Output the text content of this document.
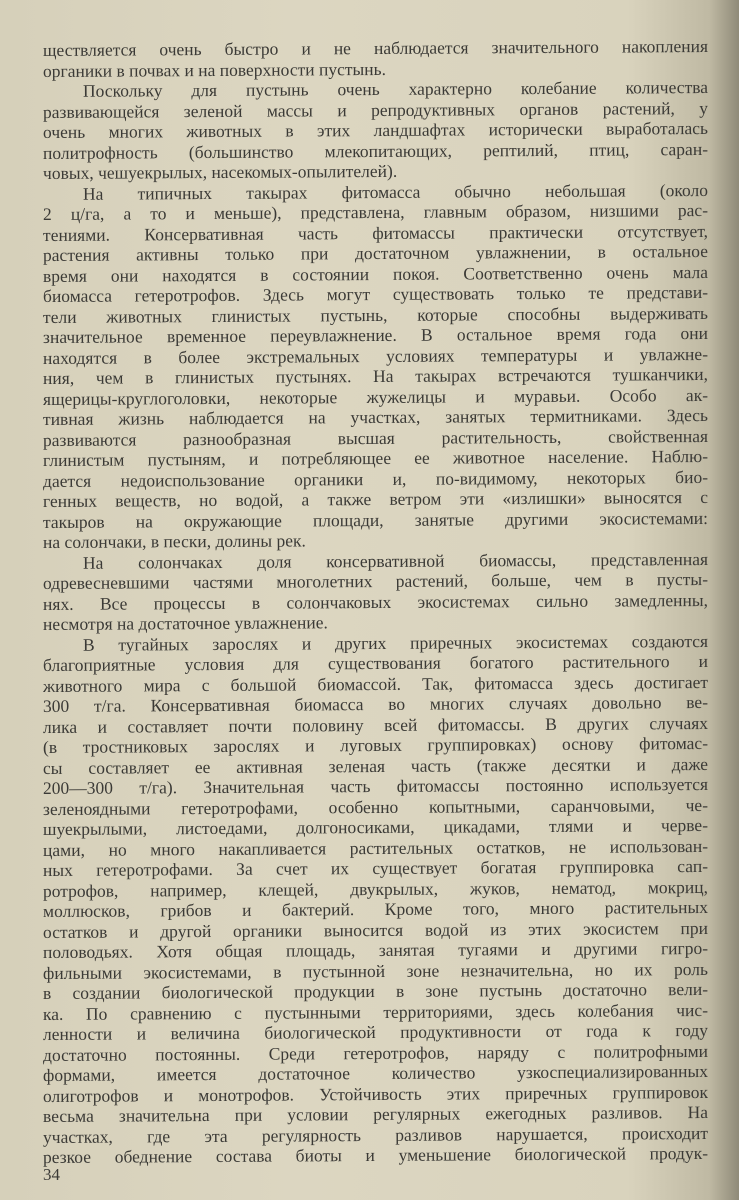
ществляется очень быстро и не наблюдается значительного накопления
органики в почвах и на поверхности пустынь.
Поскольку для пустынь очень характерно колебание количества
развивающейся зеленой массы и репродуктивных органов растений, у
очень многих животных в этих ландшафтах исторически выработалась
политрофность (большинство млекопитающих, рептилий, птиц, саран-
човых, чешуекрылых, насекомых-опылителей).
На типичных такырах фитомасса обычно небольшая (около
2 ц/га, а то и меньше), представлена, главным образом, низшими рас-
тениями. Консервативная часть фитомассы практически отсутствует,
растения активны только при достаточном увлажнении, в остальное
время они находятся в состоянии покоя. Соответственно очень мала
биомасса гетеротрофов. Здесь могут существовать только те представи-
тели животных глинистых пустынь, которые способны выдерживать
значительное временное переувлажнение. В остальное время года они
находятся в более экстремальных условиях температуры и увлажне-
ния, чем в глинистых пустынях. На такырах встречаются тушканчики,
ящерицы-круглоголовки, некоторые жужелицы и муравьи. Особо ак-
тивная жизнь наблюдается на участках, занятых термитниками. Здесь
развиваются разнообразная высшая растительность, свойственная
глинистым пустыням, и потребляющее ее животное население. Наблю-
дается недоиспользование органики и, по-видимому, некоторых био-
генных веществ, но водой, а также ветром эти «излишки» выносятся с
такыров на окружающие площади, занятые другими экосистемами:
на солончаки, в пески, долины рек.
На солончаках доля консервативной биомассы, представленная
одревесневшими частями многолетних растений, больше, чем в пусты-
нях. Все процессы в солончаковых экосистемах сильно замедленны,
несмотря на достаточное увлажнение.
В тугайных зарослях и других приречных экосистемах создаются
благоприятные условия для существования богатого растительного и
животного мира с большой биомассой. Так, фитомасса здесь достигает
300 т/га. Консервативная биомасса во многих случаях довольно ве-
лика и составляет почти половину всей фитомассы. В других случаях
(в тростниковых зарослях и луговых группировках) основу фитомас-
сы составляет ее активная зеленая часть (также десятки и даже
200—300 т/га). Значительная часть фитомассы постоянно используется
зеленоядными гетеротрофами, особенно копытными, саранчовыми, че-
шуекрылыми, листоедами, долгоносиками, цикадами, тлями и черве-
цами, но много накапливается растительных остатков, не использован-
ных гетеротрофами. За счет их существует богатая группировка сап-
ротрофов, например, клещей, двукрылых, жуков, нематод, мокриц,
моллюсков, грибов и бактерий. Кроме того, много растительных
остатков и другой органики выносится водой из этих экосистем при
половодьях. Хотя общая площадь, занятая тугаями и другими гигро-
фильными экосистемами, в пустынной зоне незначительна, но их роль
в создании биологической продукции в зоне пустынь достаточно вели-
ка. По сравнению с пустынными территориями, здесь колебания чис-
ленности и величина биологической продуктивности от года к году
достаточно постоянны. Среди гетеротрофов, наряду с политрофными
формами, имеется достаточное количество узкоспециализированных
олиготрофов и монотрофов. Устойчивость этих приречных группировок
весьма значительна при условии регулярных ежегодных разливов. На
участках, где эта регулярность разливов нарушается, происходит
резкое обеднение состава биоты и уменьшение биологической продук-
34
